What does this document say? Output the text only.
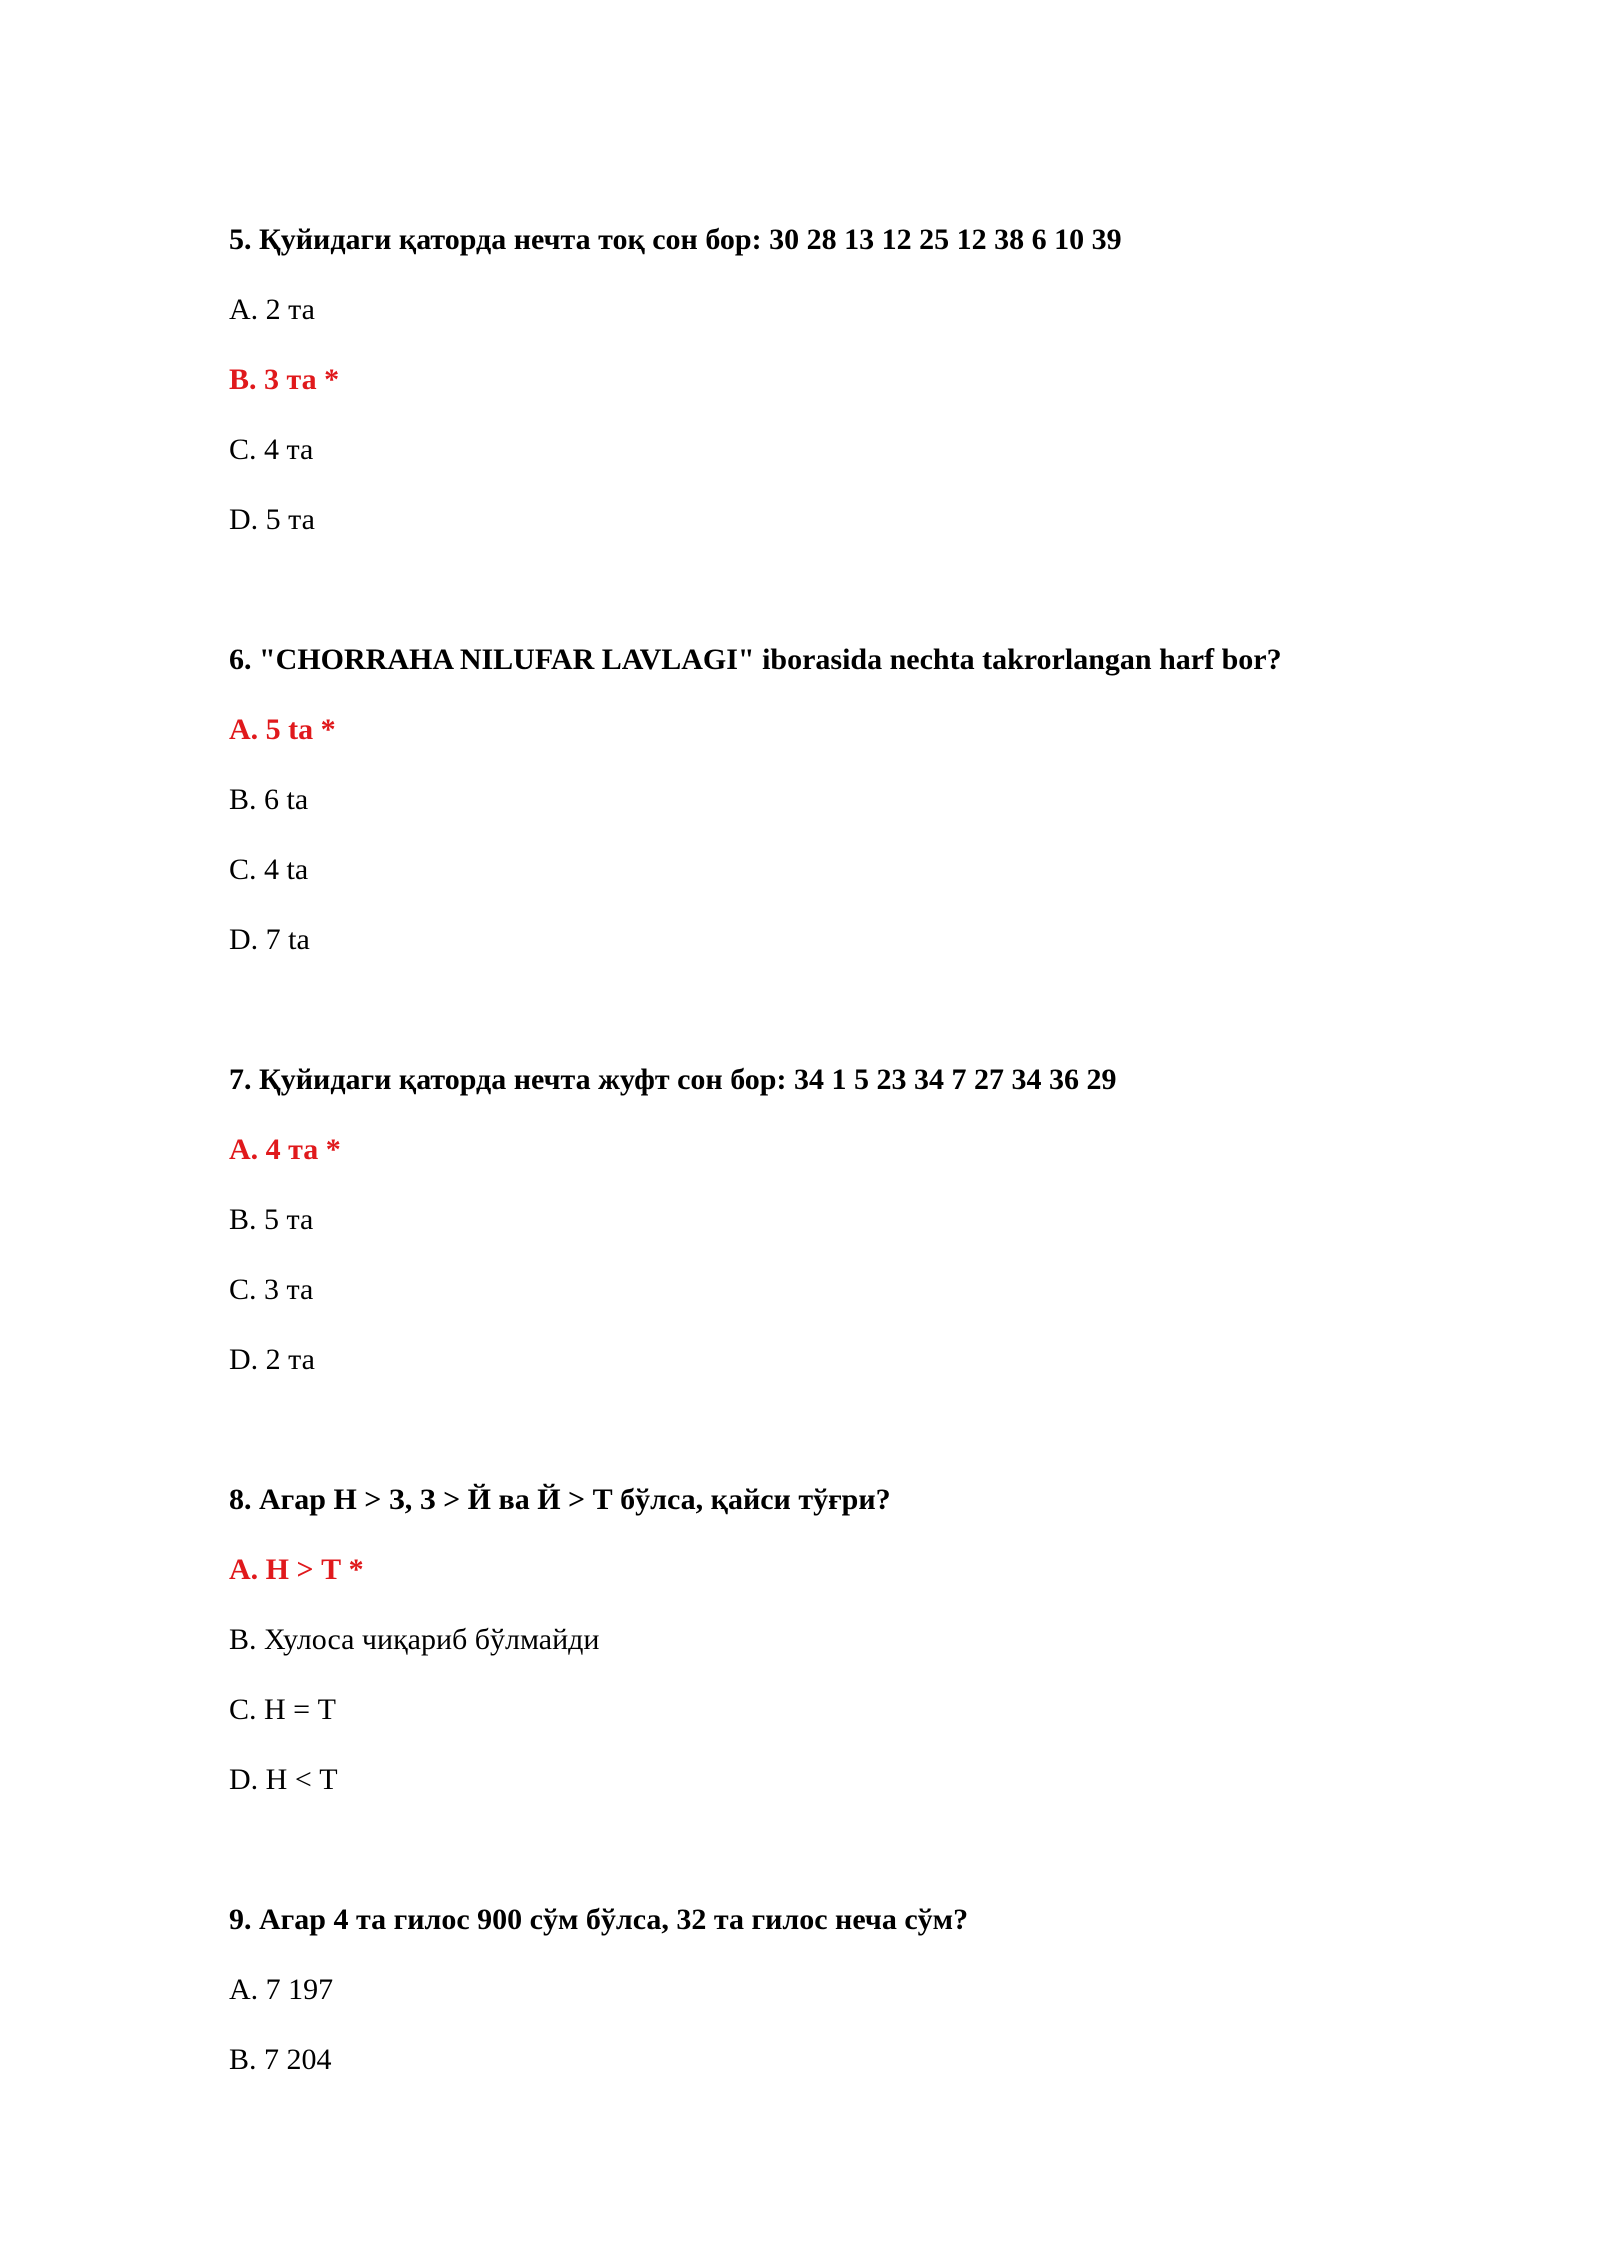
5. Қуйидаги қаторда нечта тоқ сон бор: 30 28 13 12 25 12 38 6 10 39
A. 2 та
B. 3 та *
C. 4 та
D. 5 та
6. "CHORRAHA NILUFAR LAVLAGI" iborasida nechta takrorlangan harf bor?
A. 5 ta *
B. 6 ta
C. 4 ta
D. 7 ta
7. Қуйидаги қаторда нечта жуфт сон бор: 34 1 5 23 34 7 27 34 36 29
A. 4 та *
B. 5 та
C. 3 та
D. 2 та
8. Агар Н > З, З > Й ва Й > Т бўлса, қайси тўғри?
A. Н > Т *
B. Хулоса чиқариб бўлмайди
C. Н = Т
D. Н < Т
9. Агар 4 та гилос 900 сўм бўлса, 32 та гилос неча сўм?
A. 7 197
B. 7 204
